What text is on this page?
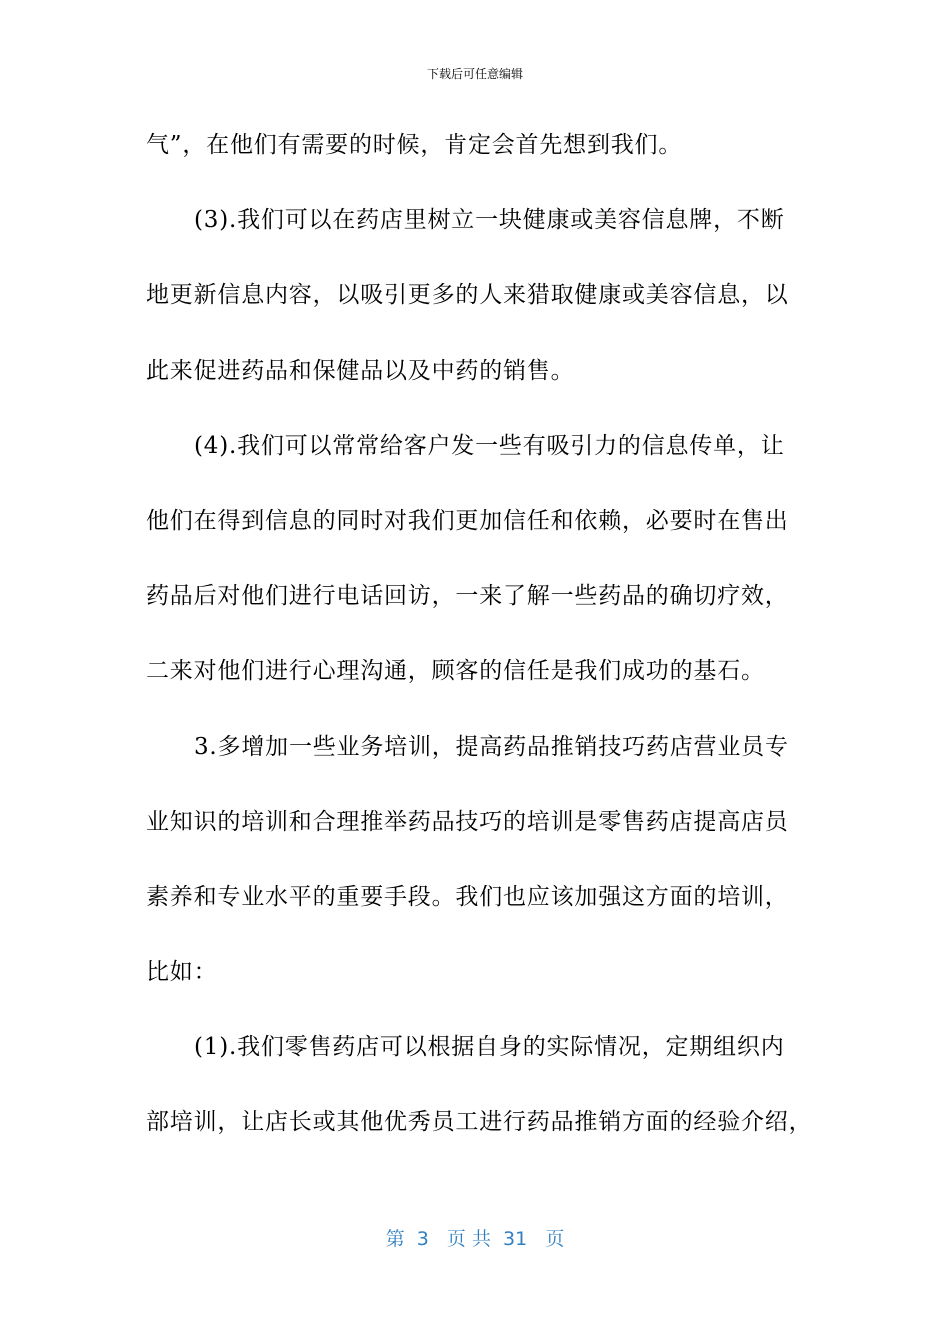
下载后可任意编辑
气”，在他们有需要的时候，肯定会首先想到我们。
(3).我们可以在药店里树立一块健康或美容信息牌，不断
地更新信息内容，以吸引更多的人来猎取健康或美容信息，以
此来促进药品和保健品以及中药的销售。
(4).我们可以常常给客户发一些有吸引力的信息传单，让
他们在得到信息的同时对我们更加信任和依赖，必要时在售出
药品后对他们进行电话回访，一来了解一些药品的确切疗效，
二来对他们进行心理沟通，顾客的信任是我们成功的基石。
3.多增加一些业务培训，提高药品推销技巧药店营业员专
业知识的培训和合理推举药品技巧的培训是零售药店提高店员
素养和专业水平的重要手段。我们也应该加强这方面的培训，
比如：
(1).我们零售药店可以根据自身的实际情况，定期组织内
部培训，让店长或其他优秀员工进行药品推销方面的经验介绍，
第  3   页 共  31   页
